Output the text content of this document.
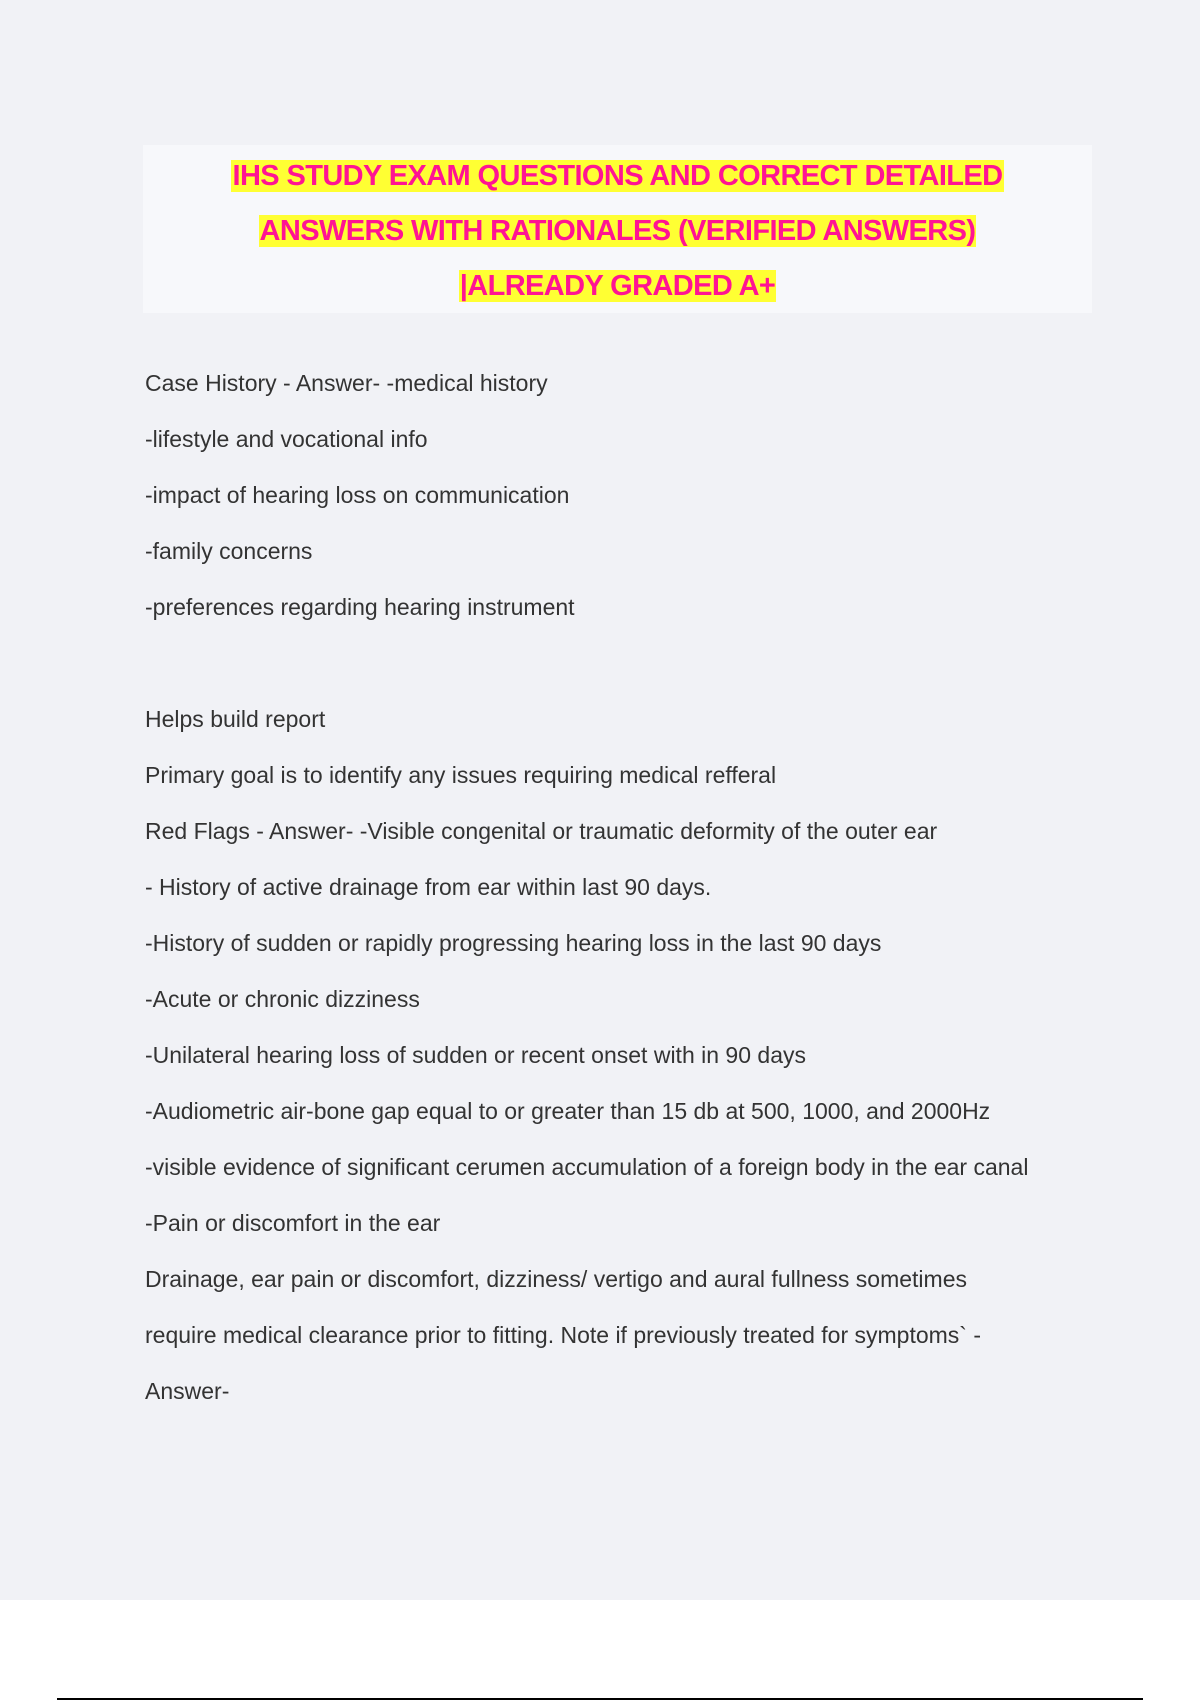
IHS STUDY EXAM QUESTIONS AND CORRECT DETAILED
ANSWERS WITH RATIONALES (VERIFIED ANSWERS)
|ALREADY GRADED A+
Case History - Answer- -medical history
-lifestyle and vocational info
-impact of hearing loss on communication
-family concerns
-preferences regarding hearing instrument
Helps build report
Primary goal is to identify any issues requiring medical refferal
Red Flags - Answer- -Visible congenital or traumatic deformity of the outer ear
- History of active drainage from ear within last 90 days.
-History of sudden or rapidly progressing hearing loss in the last 90 days
-Acute or chronic dizziness
-Unilateral hearing loss of sudden or recent onset with in 90 days
-Audiometric air-bone gap equal to or greater than 15 db at 500, 1000, and 2000Hz
-visible evidence of significant cerumen accumulation of a foreign body in the ear canal
-Pain or discomfort in the ear
Drainage, ear pain or discomfort, dizziness/ vertigo and aural fullness sometimes
require medical clearance prior to fitting. Note if previously treated for symptoms` -
Answer-
